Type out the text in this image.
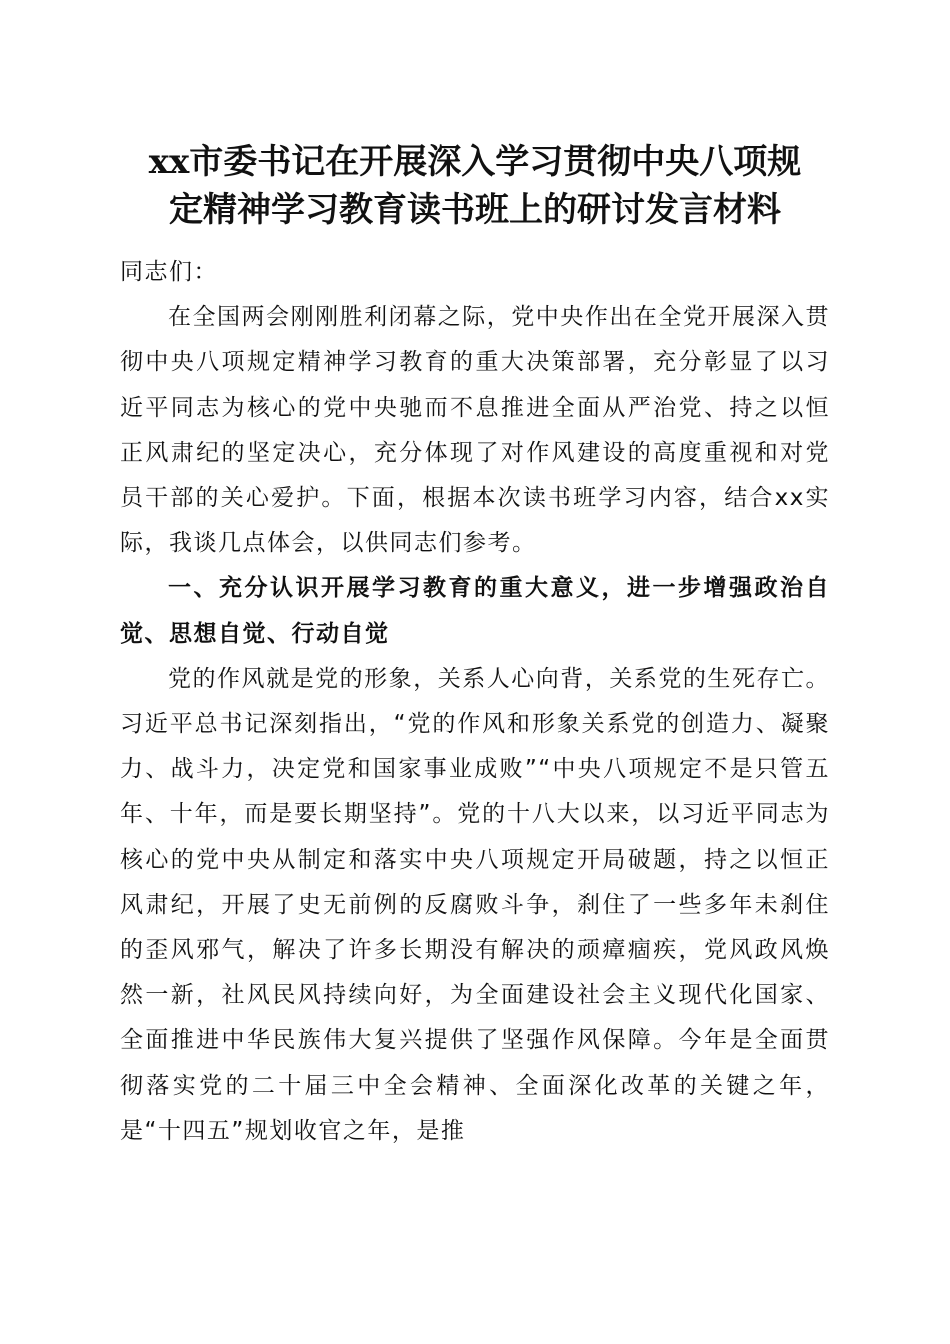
xx市委书记在开展深入学习贯彻中央八项规
定精神学习教育读书班上的研讨发言材料

同志们：

在全国两会刚刚胜利闭幕之际，党中央作出在全党开展深入贯彻中央八项规定精神学习教育的重大决策部署，充分彰显了以习近平同志为核心的党中央驰而不息推进全面从严治党、持之以恒正风肃纪的坚定决心，充分体现了对作风建设的高度重视和对党员干部的关心爱护。下面，根据本次读书班学习内容，结合xx实际，我谈几点体会，以供同志们参考。

一、充分认识开展学习教育的重大意义，进一步增强政治自觉、思想自觉、行动自觉

党的作风就是党的形象，关系人心向背，关系党的生死存亡。习近平总书记深刻指出，“党的作风和形象关系党的创造力、凝聚力、战斗力，决定党和国家事业成败”“中央八项规定不是只管五年、十年，而是要长期坚持”。党的十八大以来，以习近平同志为核心的党中央从制定和落实中央八项规定开局破题，持之以恒正风肃纪，开展了史无前例的反腐败斗争，刹住了一些多年未刹住的歪风邪气，解决了许多长期没有解决的顽瘴痼疾，党风政风焕然一新，社风民风持续向好，为全面建设社会主义现代化国家、全面推进中华民族伟大复兴提供了坚强作风保障。今年是全面贯彻落实党的二十届三中全会精神、全面深化改革的关键之年，是“十四五”规划收官之年，是推
